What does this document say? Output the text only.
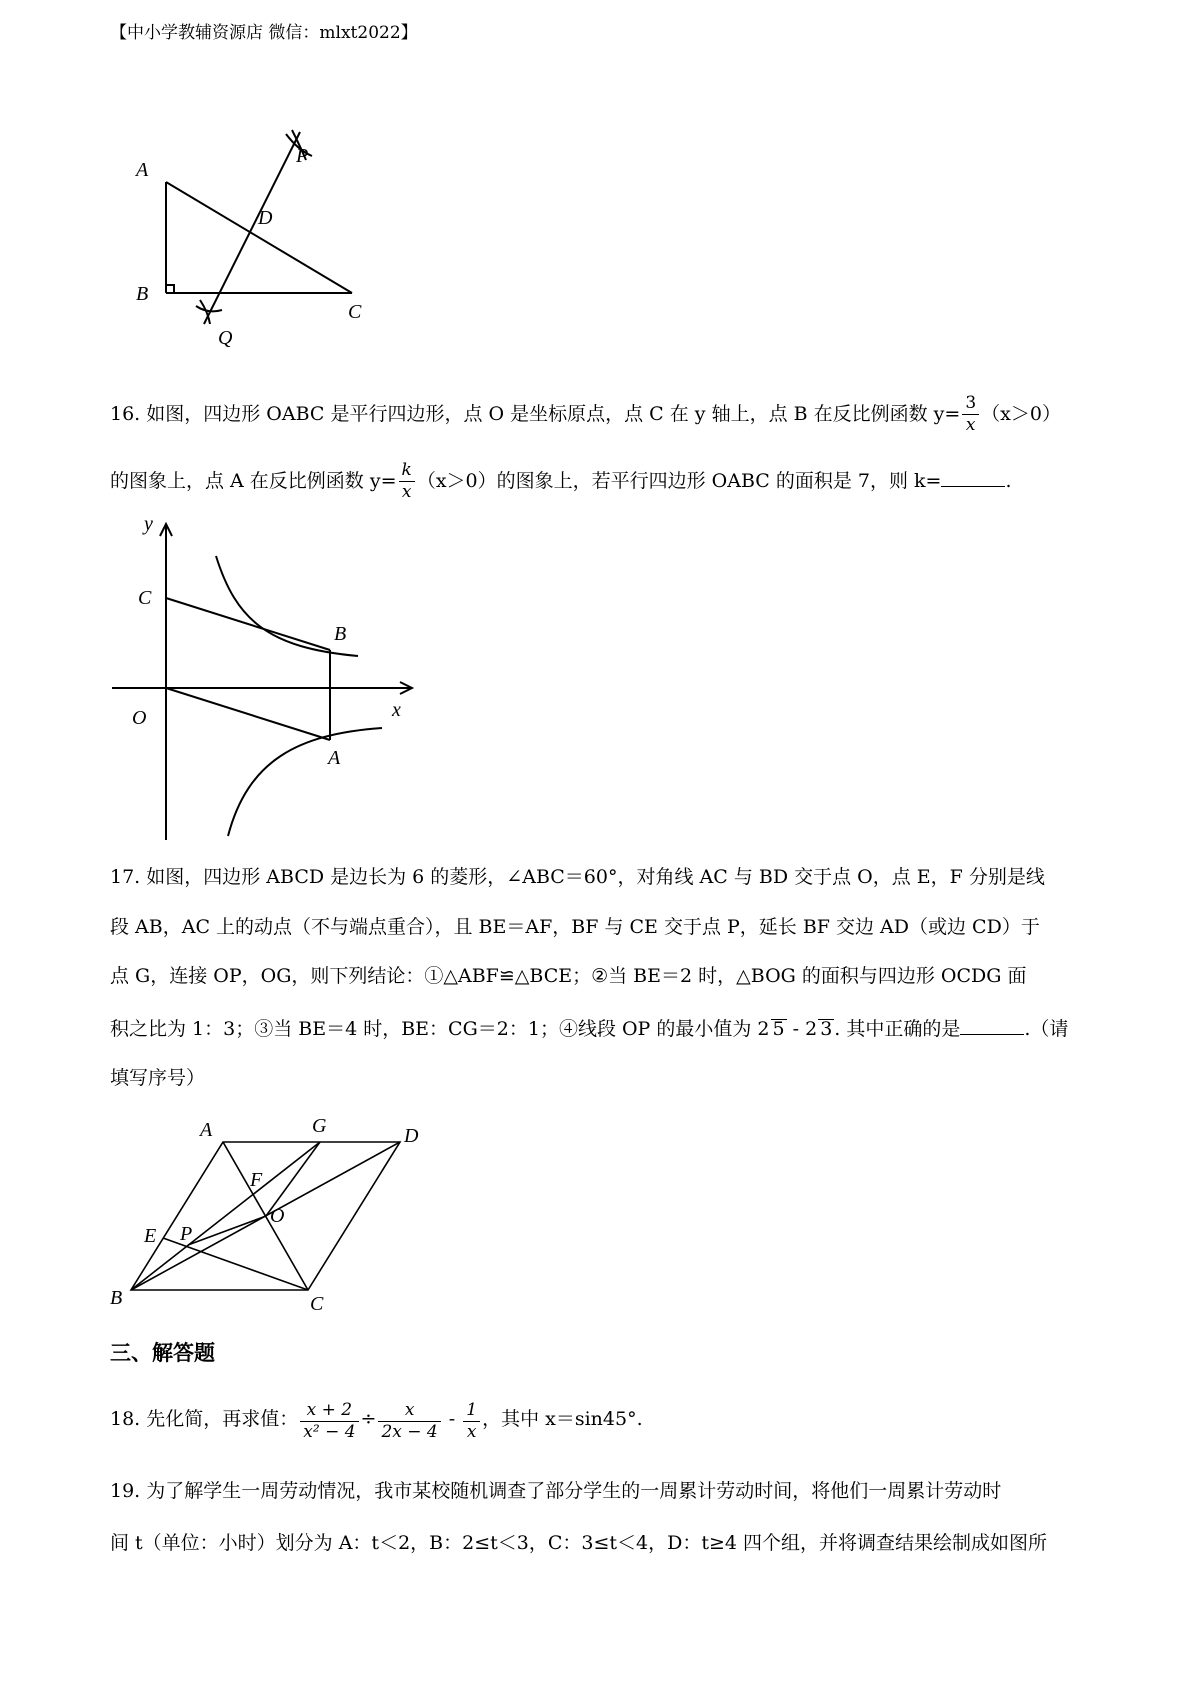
【中小学教辅资源店 微信：mlxt2022】
A
B
C
D
P
Q
16. 如图，四边形 OABC 是平行四边形，点 O 是坐标原点，点 C 在 y 轴上，点 B 在反比例函数 $y= \frac{3}{x} (x>0)$
的图象上，点 A 在反比例函数 $y= \frac{k}{x} (x>0)$的图象上，若平行四边形 OABC 的面积是 7，则 k=	.
y
x
O
C
B
A
17. 如图，四边形 ABCD 是边长为 6 的菱形，∠ABC＝60°，对角线 AC 与 BD 交于点 O，点 E，F 分别是线
段 AB，AC 上的动点（不与端点重合），且 BE＝AF，BF 与 CE 交于点 P，延长 BF 交边 AD（或边 CD）于
点 G，连接 OP，OG，则下列结论：①△ABF≌△BCE；②当 BE＝2 时，△BOG 的面积与四边形 OCDG 面
积之比为 1：3；③当 BE＝4 时，BE：CG＝2：1；④线段 OP 的最小值为 2 5 - 2 3 . 其中正确的是	.（请
填写序号）
A	G	D
F
E P
O
B	C
三、解答题
18. 先化简，再求值： $\frac{x + 2}{\text{x² − 4}} \div \frac{x}{2x - 4} - \frac{1}{x}$ ，其中 x＝sin45°.
19. 为了解学生一周劳动情况，我市某校随机调查了部分学生的一周累计劳动时间，将他们一周累计劳动时
间 t（单位：小时）划分为 A：t＜2，B：2≤t＜3，C：3≤t＜4，D：t≥4 四个组，并将调查结果绘制成如图所
